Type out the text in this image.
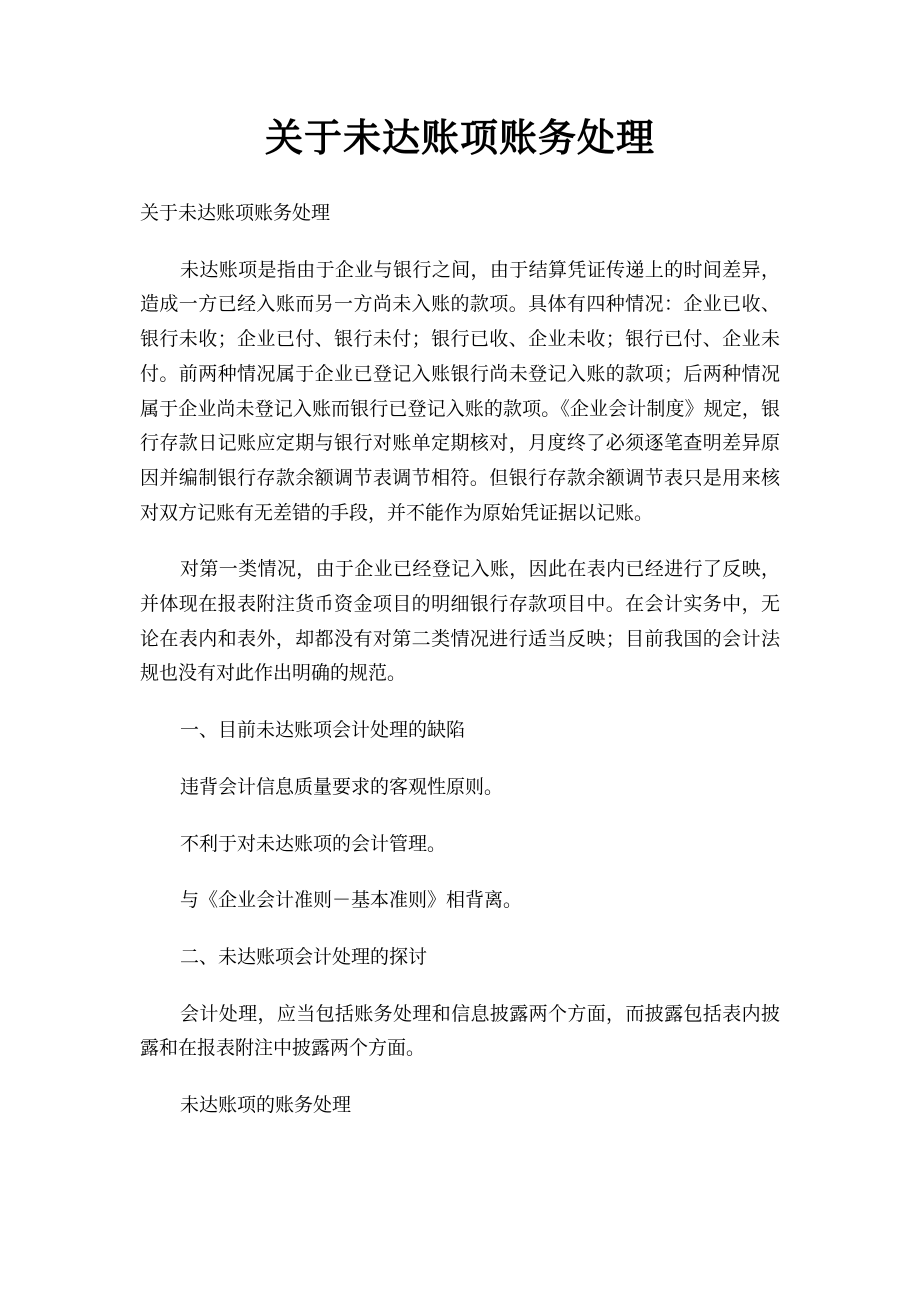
关于未达账项账务处理

关于未达账项账务处理

未达账项是指由于企业与银行之间，由于结算凭证传递上的时间差异，造成一方已经入账而另一方尚未入账的款项。具体有四种情况：企业已收、银行未收；企业已付、银行未付；银行已收、企业未收；银行已付、企业未付。前两种情况属于企业已登记入账银行尚未登记入账的款项；后两种情况属于企业尚未登记入账而银行已登记入账的款项。《企业会计制度》规定，银行存款日记账应定期与银行对账单定期核对，月度终了必须逐笔查明差异原因并编制银行存款余额调节表调节相符。但银行存款余额调节表只是用来核对双方记账有无差错的手段，并不能作为原始凭证据以记账。

对第一类情况，由于企业已经登记入账，因此在表内已经进行了反映，并体现在报表附注货币资金项目的明细银行存款项目中。在会计实务中，无论在表内和表外，却都没有对第二类情况进行适当反映；目前我国的会计法规也没有对此作出明确的规范。

一、目前未达账项会计处理的缺陷

违背会计信息质量要求的客观性原则。

不利于对未达账项的会计管理。

与《企业会计准则－基本准则》相背离。

二、未达账项会计处理的探讨

会计处理，应当包括账务处理和信息披露两个方面，而披露包括表内披露和在报表附注中披露两个方面。

未达账项的账务处理
